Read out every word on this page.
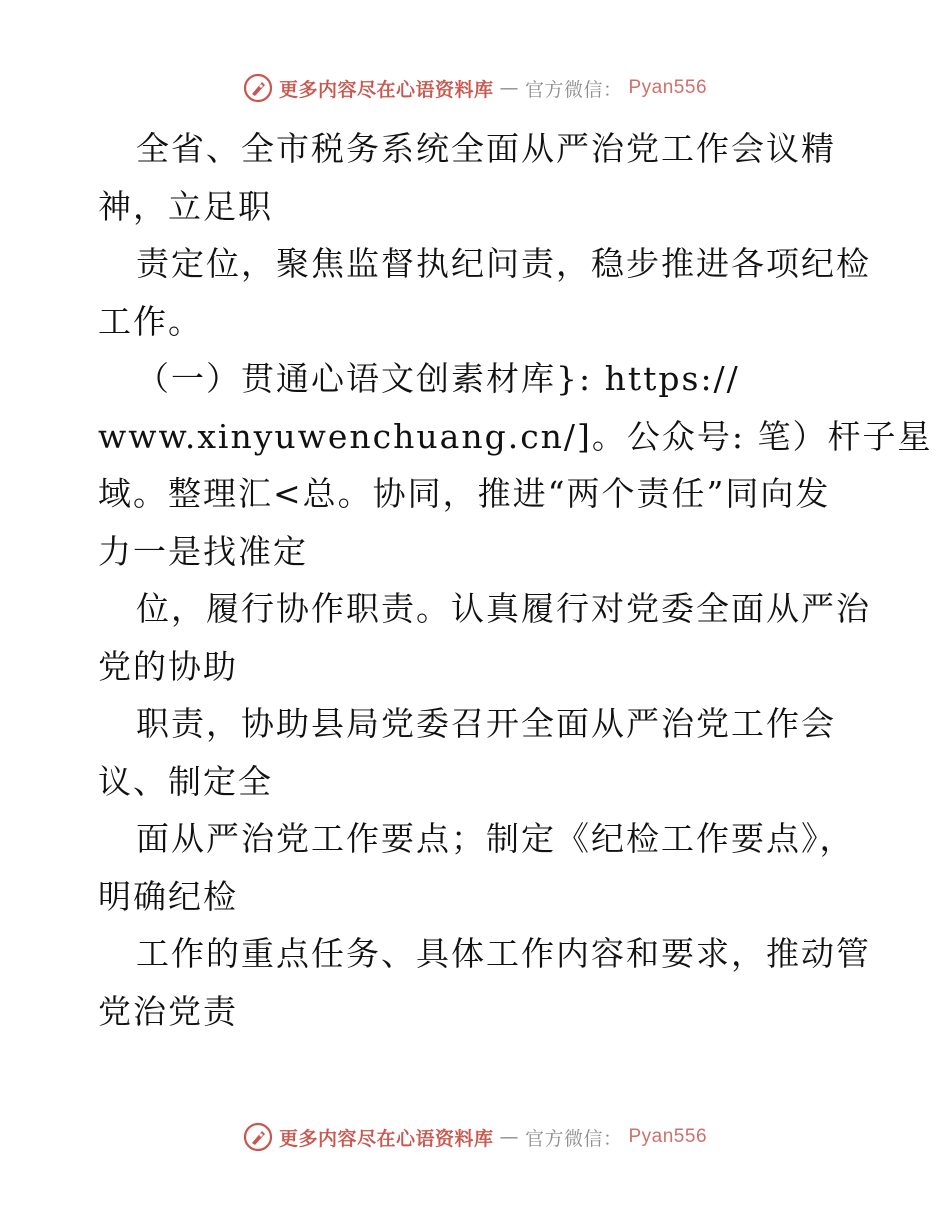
更多内容尽在心语资料库 — 官方微信： Pyan556
全省、全市税务系统全面从严治党工作会议精
神，立足职
责定位，聚焦监督执纪问责，稳步推进各项纪检
工作。
（一）贯通心语文创素材库}: https://
www.xinyuwenchuang.cn/]。公众号: 笔）杆子星
域。整理汇<总。协同，推进“两个责任”同向发
力一是找准定
位，履行协作职责。认真履行对党委全面从严治
党的协助
职责，协助县局党委召开全面从严治党工作会
议、制定全
面从严治党工作要点；制定《纪检工作要点》，
明确纪检
工作的重点任务、具体工作内容和要求，推动管
党治党责
更多内容尽在心语资料库 — 官方微信： Pyan556
